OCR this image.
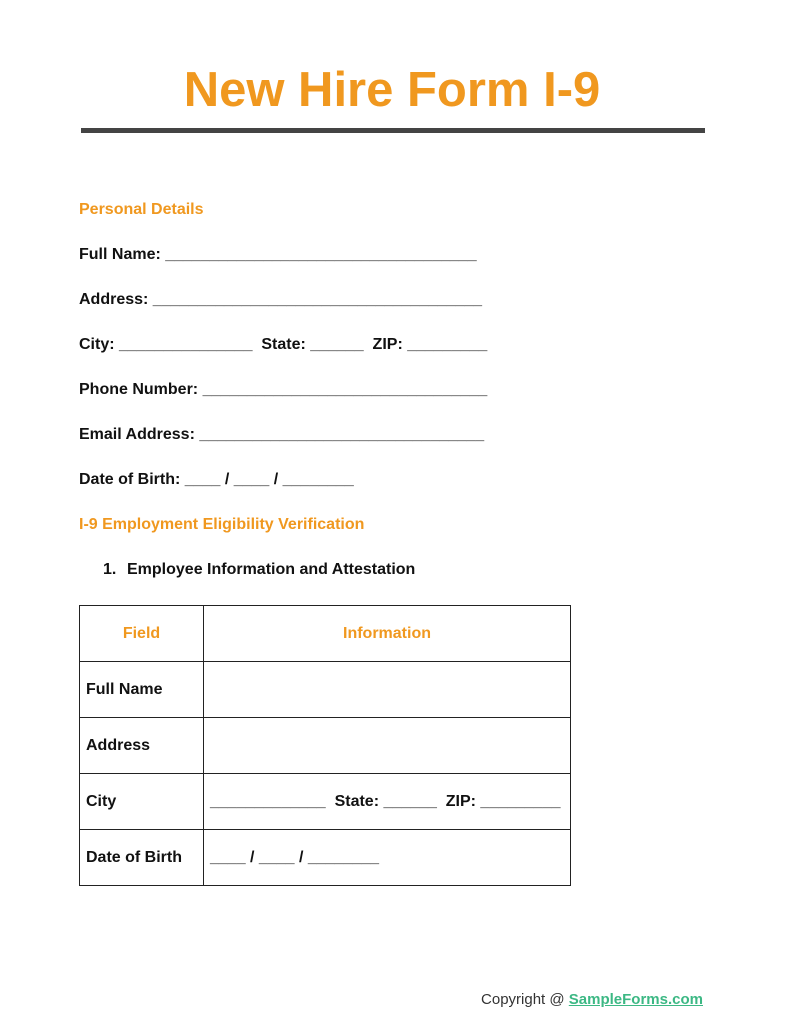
New Hire Form I-9
Personal Details
Full Name: ___________________________________
Address: _____________________________________
City: _______________  State: ______  ZIP: _________
Phone Number: ________________________________
Email Address: ________________________________
Date of Birth: ____ / ____ / ________
I-9 Employment Eligibility Verification
1. Employee Information and Attestation
Field	Information
Full Name	
Address	
City	_____________  State: ______  ZIP: _________
Date of Birth	____ / ____ / ________
Copyright @ SampleForms.com
